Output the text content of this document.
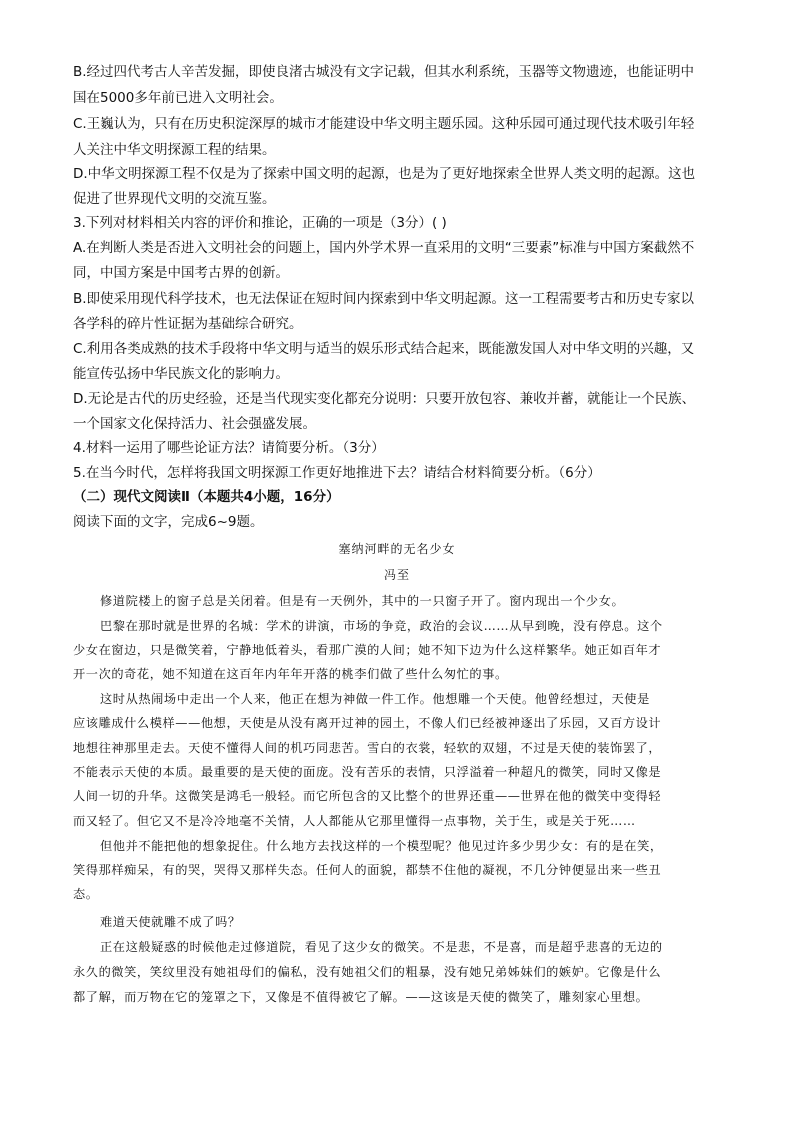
B.经过四代考古人辛苦发掘，即使良渚古城没有文字记载，但其水利系统，玉器等文物遗迹，也能证明中
国在5000多年前已进入文明社会。
C.王巍认为，只有在历史积淀深厚的城市才能建设中华文明主题乐园。这种乐园可通过现代技术吸引年轻
人关注中华文明探源工程的结果。
D.中华文明探源工程不仅是为了探索中国文明的起源，也是为了更好地探索全世界人类文明的起源。这也
促进了世界现代文明的交流互鉴。
3.下列对材料相关内容的评价和推论，正确的一项是（3分）( )
A.在判断人类是否进入文明社会的问题上，国内外学术界一直采用的文明“三要素”标准与中国方案截然不
同，中国方案是中国考古界的创新。
B.即使采用现代科学技术，也无法保证在短时间内探索到中华文明起源。这一工程需要考古和历史专家以
各学科的碎片性证据为基础综合研究。
C.利用各类成熟的技术手段将中华文明与适当的娱乐形式结合起来，既能激发国人对中华文明的兴趣，又
能宣传弘扬中华民族文化的影响力。
D.无论是古代的历史经验，还是当代现实变化都充分说明：只要开放包容、兼收并蓄，就能让一个民族、
一个国家文化保持活力、社会强盛发展。
4.材料一运用了哪些论证方法？请简要分析。（3分）
5.在当今时代，怎样将我国文明探源工作更好地推进下去？请结合材料简要分析。（6分）
（二）现代文阅读Ⅱ（本题共4小题，16分）
阅读下面的文字，完成6~9题。
塞纳河畔的无名少女
冯至
修道院楼上的窗子总是关闭着。但是有一天例外，其中的一只窗子开了。窗内现出一个少女。
巴黎在那时就是世界的名城：学术的讲演，市场的争竞，政治的会议……从早到晚，没有停息。这个
少女在窗边，只是微笑着，宁静地低着头，看那广漠的人间；她不知下边为什么这样繁华。她正如百年才
开一次的奇花，她不知道在这百年内年年开落的桃李们做了些什么匆忙的事。
这时从热闹场中走出一个人来，他正在想为神做一件工作。他想雕一个天使。他曾经想过，天使是
应该雕成什么模样——他想，天使是从没有离开过神的园土，不像人们已经被神逐出了乐园，又百方设计
地想往神那里走去。天使不懂得人间的机巧同悲苦。雪白的衣裳，轻软的双翅，不过是天使的装饰罢了，
不能表示天使的本质。最重要的是天使的面庞。没有苦乐的表情，只浮溢着一种超凡的微笑，同时又像是
人间一切的升华。这微笑是鸿毛一般轻。而它所包含的又比整个的世界还重——世界在他的微笑中变得轻
而又轻了。但它又不是冷冷地毫不关情，人人都能从它那里懂得一点事物，关于生，或是关于死……
但他并不能把他的想象捉住。什么地方去找这样的一个模型呢？他见过许多少男少女：有的是在笑，
笑得那样痴呆，有的哭，哭得又那样失态。任何人的面貌，都禁不住他的凝视，不几分钟便显出来一些丑
态。
难道天使就雕不成了吗？
正在这般疑惑的时候他走过修道院，看见了这少女的微笑。不是悲，不是喜，而是超乎悲喜的无边的
永久的微笑，笑纹里没有她祖母们的偏私，没有她祖父们的粗暴，没有她兄弟姊妹们的嫉妒。它像是什么
都了解，而万物在它的笼罩之下，又像是不值得被它了解。——这该是天使的微笑了，雕刻家心里想。
